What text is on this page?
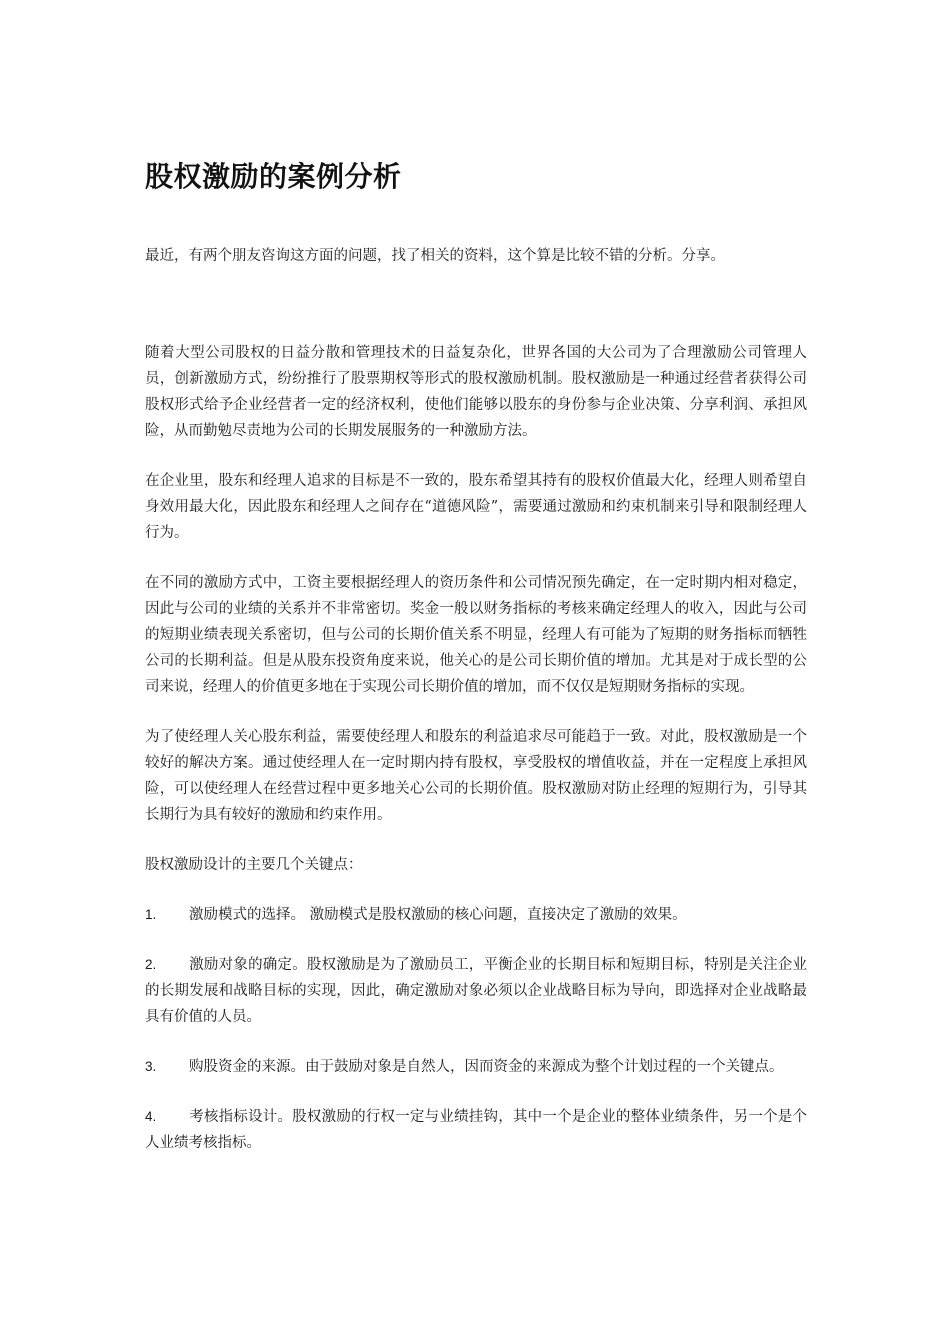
股权激励的案例分析

最近，有两个朋友咨询这方面的问题，找了相关的资料，这个算是比较不错的分析。分享。

随着大型公司股权的日益分散和管理技术的日益复杂化，世界各国的大公司为了合理激励公司管理人员，创新激励方式，纷纷推行了股票期权等形式的股权激励机制。股权激励是一种通过经营者获得公司股权形式给予企业经营者一定的经济权利，使他们能够以股东的身份参与企业决策、分享利润、承担风险，从而勤勉尽责地为公司的长期发展服务的一种激励方法。

在企业里，股东和经理人追求的目标是不一致的，股东希望其持有的股权价值最大化，经理人则希望自身效用最大化，因此股东和经理人之间存在“道德风险”，需要通过激励和约束机制来引导和限制经理人行为。

在不同的激励方式中，工资主要根据经理人的资历条件和公司情况预先确定，在一定时期内相对稳定，因此与公司的业绩的关系并不非常密切。奖金一般以财务指标的考核来确定经理人的收入，因此与公司的短期业绩表现关系密切，但与公司的长期价值关系不明显，经理人有可能为了短期的财务指标而牺牲公司的长期利益。但是从股东投资角度来说，他关心的是公司长期价值的增加。尤其是对于成长型的公司来说，经理人的价值更多地在于实现公司长期价值的增加，而不仅仅是短期财务指标的实现。

为了使经理人关心股东利益，需要使经理人和股东的利益追求尽可能趋于一致。对此，股权激励是一个较好的解决方案。通过使经理人在一定时期内持有股权，享受股权的增值收益，并在一定程度上承担风险，可以使经理人在经营过程中更多地关心公司的长期价值。股权激励对防止经理的短期行为，引导其长期行为具有较好的激励和约束作用。

股权激励设计的主要几个关键点：

1. 激励模式的选择。 激励模式是股权激励的核心问题，直接决定了激励的效果。

2. 激励对象的确定。股权激励是为了激励员工，平衡企业的长期目标和短期目标，特别是关注企业的长期发展和战略目标的实现，因此，确定激励对象必须以企业战略目标为导向，即选择对企业战略最具有价值的人员。

3. 购股资金的来源。由于鼓励对象是自然人，因而资金的来源成为整个计划过程的一个关键点。

4. 考核指标设计。股权激励的行权一定与业绩挂钩，其中一个是企业的整体业绩条件，另一个是个人业绩考核指标。
